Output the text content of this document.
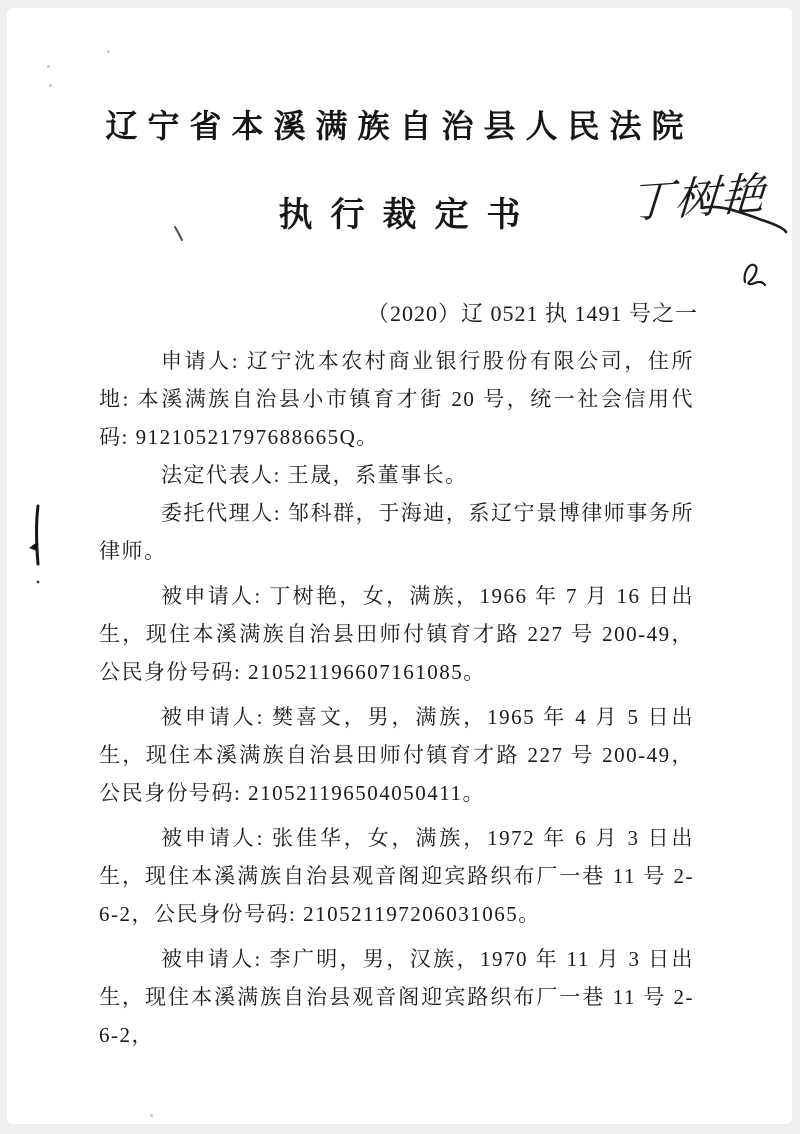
辽宁省本溪满族自治县人民法院
执行裁定书
（2020）辽 0521 执 1491 号之一

申请人: 辽宁沈本农村商业银行股份有限公司，住所地: 本溪满族自治县小市镇育才街 20 号，统一社会信用代码: 91210521797688665Q。

法定代表人: 王晟，系董事长。

委托代理人: 邹科群，于海迪，系辽宁景博律师事务所律师。

被申请人: 丁树艳，女，满族，1966 年 7 月 16 日出生，现住本溪满族自治县田师付镇育才路 227 号 200-49，公民身份号码: 210521196607161085。

被申请人: 樊喜文，男，满族，1965 年 4 月 5 日出生，现住本溪满族自治县田师付镇育才路 227 号 200-49，公民身份号码: 210521196504050411。

被申请人: 张佳华，女，满族，1972 年 6 月 3 日出生，现住本溪满族自治县观音阁迎宾路织布厂一巷 11 号 2-6-2，公民身份号码: 210521197206031065。

被申请人: 李广明，男，汉族，1970 年 11 月 3 日出生，现住本溪满族自治县观音阁迎宾路织布厂一巷 11 号 2-6-2，

丁树艳
